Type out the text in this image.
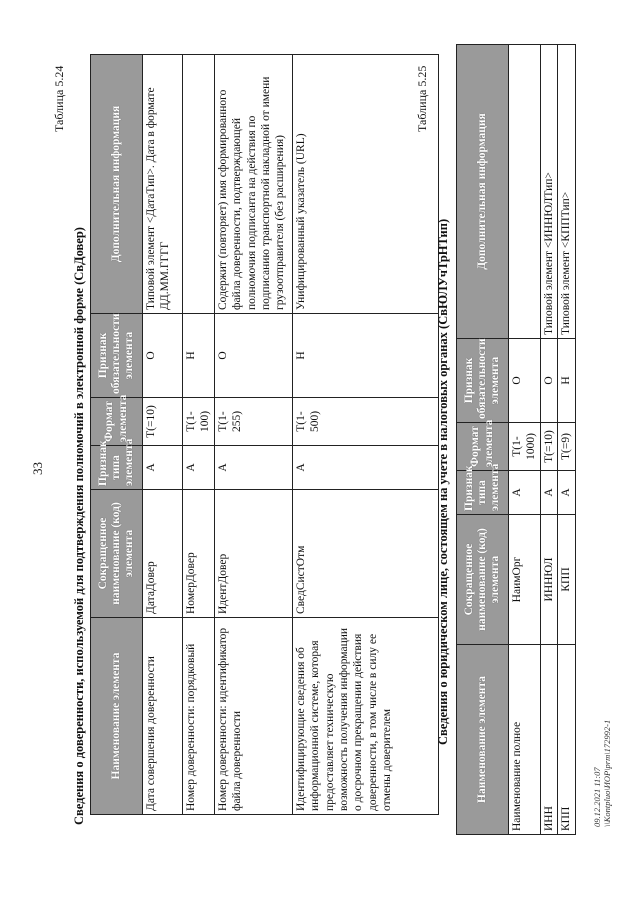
33
Таблица 5.24
Сведения о доверенности, используемой для подтверждения полномочий в электронной форме (СвДовер) Наименование элемента	Сокращенное наименование (код) элемента	Признак типа элемента	Формат элемента	Признак обязательности элемента	Дополнительная информация
Дата совершения доверенности	ДатаДовер	А	T(=10)	О	Типовой элемент <ДатаТип>. Дата в формате ДД.ММ.ГГГГ
Номер доверенности: порядковый	НомерДовер	А	T(1-100)	Н	
Номер доверенности: идентификатор файла доверенности	ИдентДовер	А	T(1-255)	О	Содержит (повторяет) имя сформированного файла доверенности, подтверждающей полномочия подписанта на действия по подписанию транспортной накладной от имени грузоотправителя (без расширения)
Идентифицирующие сведения об информационной системе, которая предоставляет техническую возможность получения информации о досрочном прекращении действия доверенности, в том числе в силу ее отмены доверителем	СведСистОтм	А	T(1-500)	Н	Унифицированный указатель (URL)
Таблица 5.25
Сведения о юридическом лице, состоящем на учете в налоговых органах (СвЮЛУчТрНТип) Наименование элемента	Сокращенное наименование (код) элемента	Признак типа элемента	Формат элемента	Признак обязательности элемента	Дополнительная информация
Наименование полное	НаимОрг	А	T(1-1000)	О	
ИНН	ИННЮЛ	А	T(=10)	О	Типовой элемент <ИННЮЛТип>
КПП	КПП	А	T(=9)	Н	Типовой элемент <КППТип>
09.12.2021 11:07 \\Kontpluo\ИОР\prm\172992-1
